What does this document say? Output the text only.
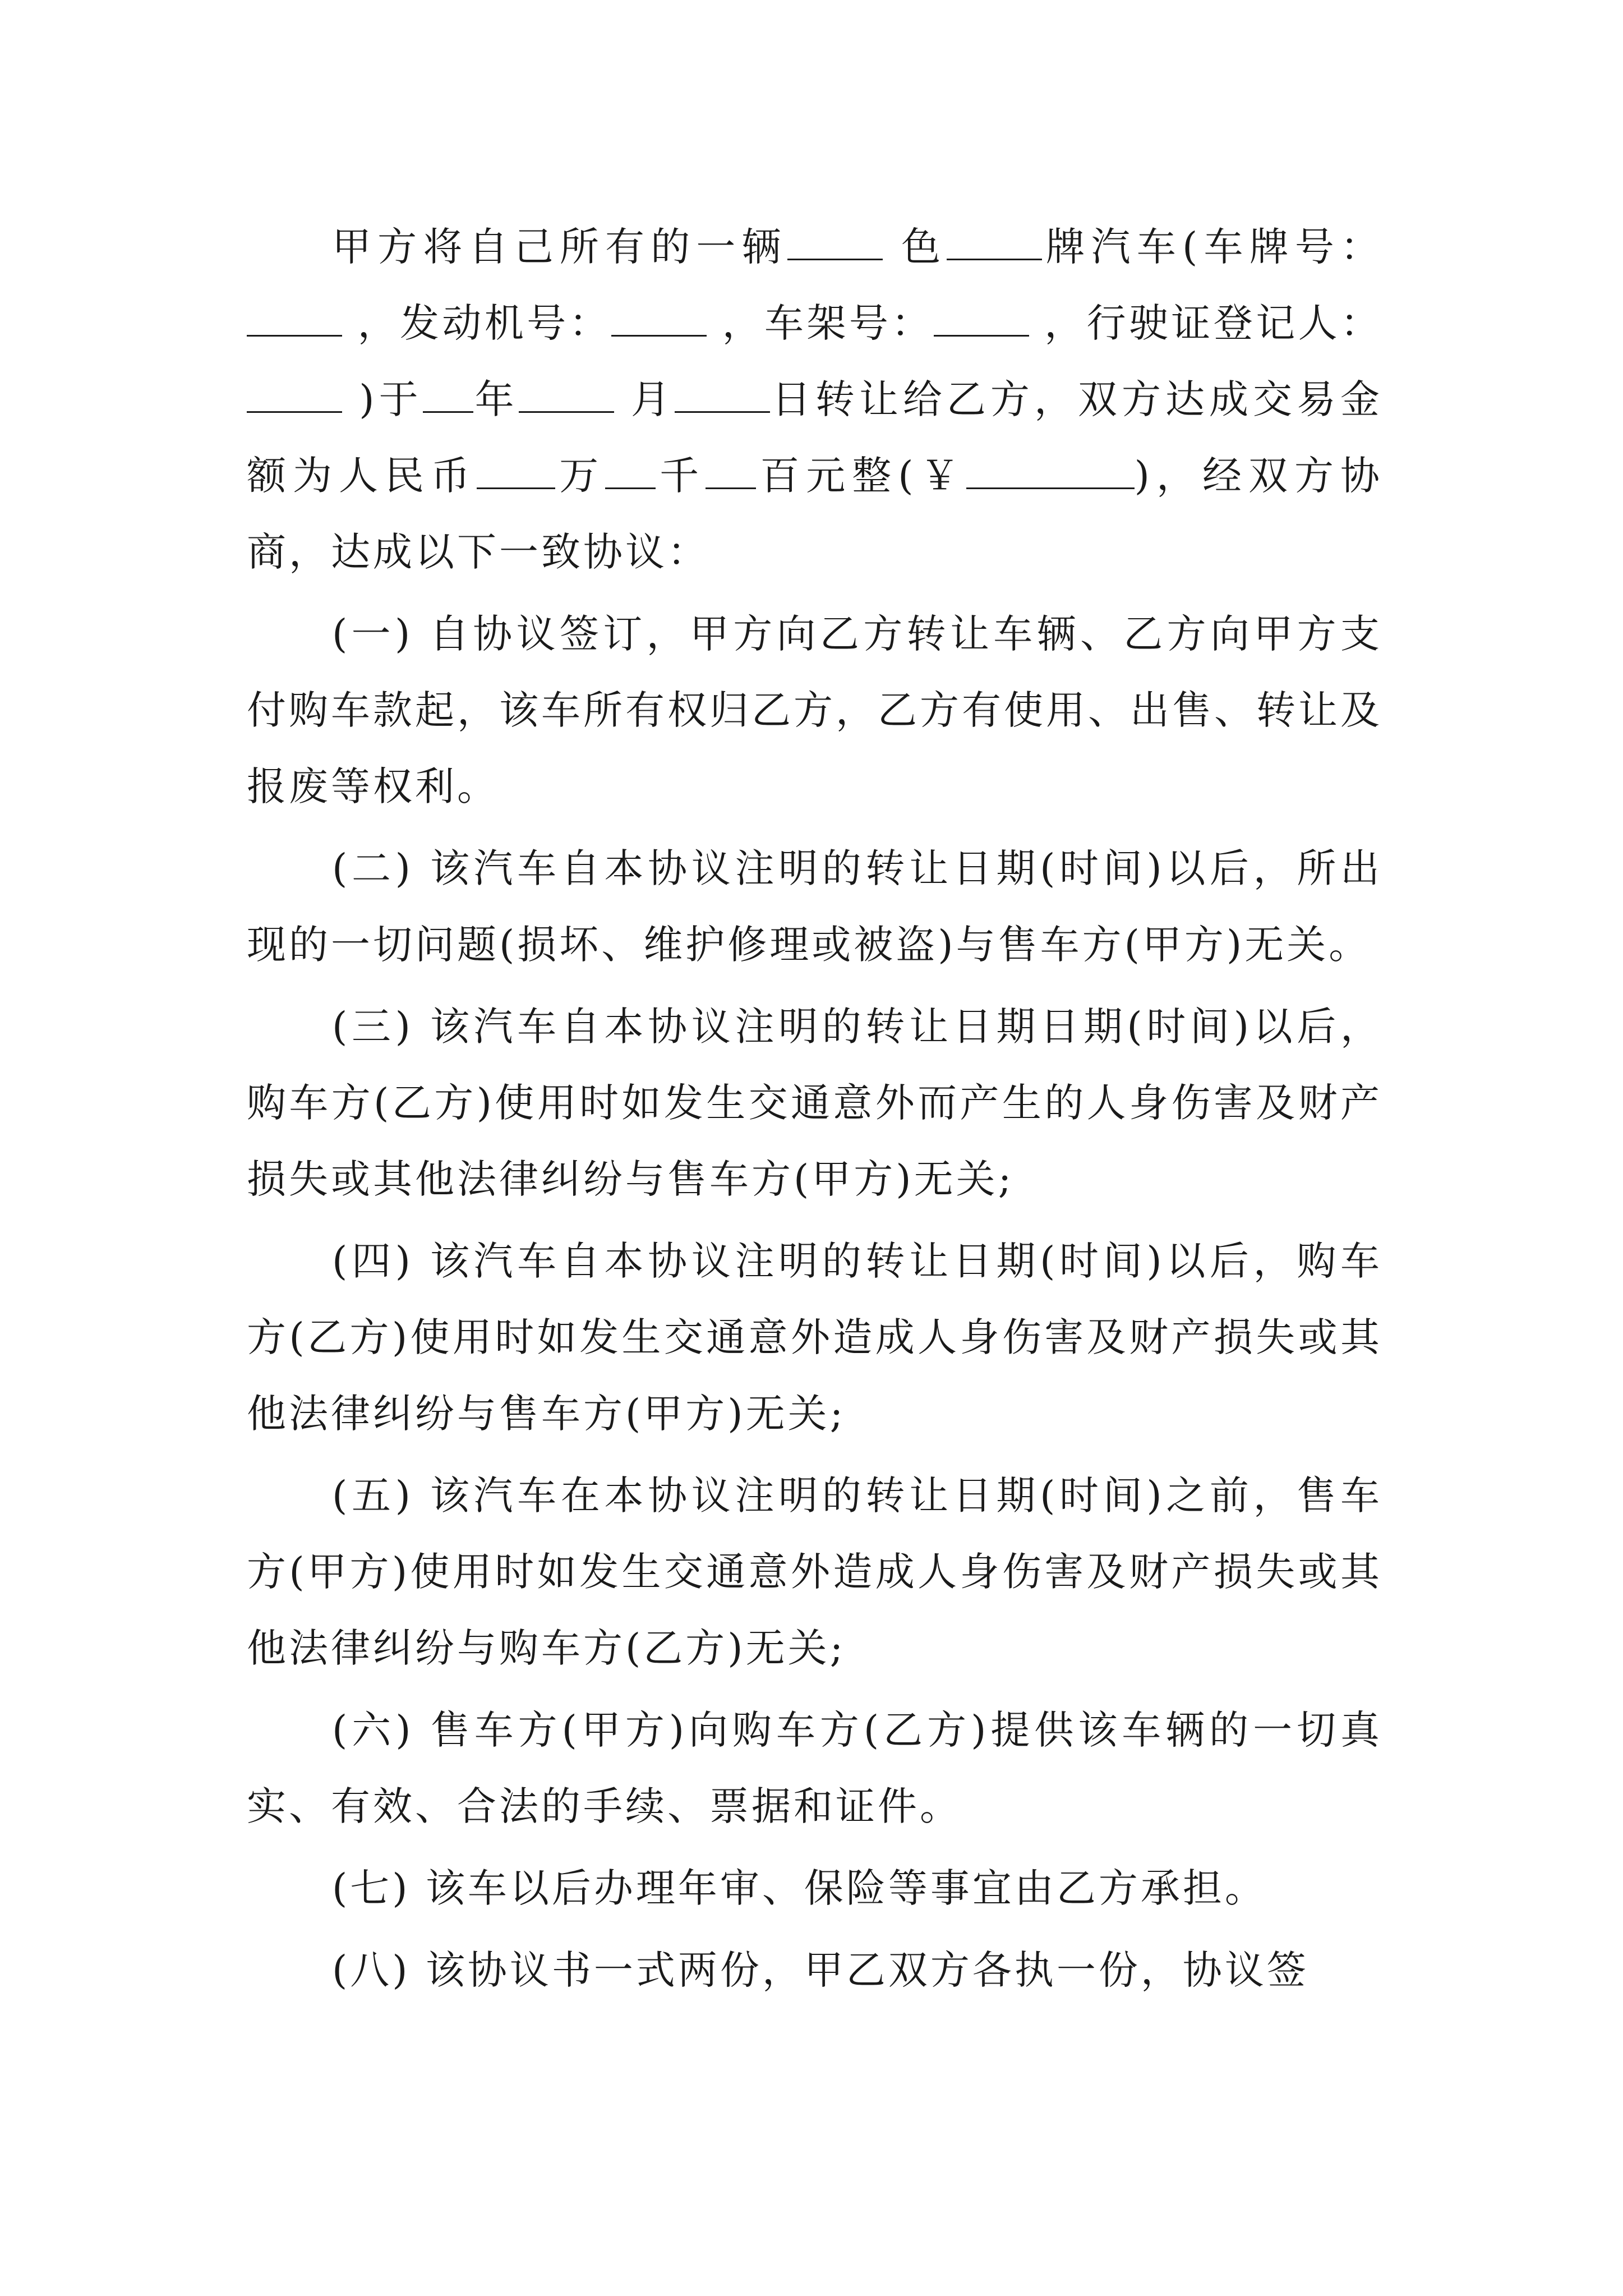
甲方将自己所有的一辆	色 牌汽车(车牌号： ，发动机号：	，车架号：	，行驶证登记人： )于 年	月 日转让给乙方，双方达成交易金额为人民币 万 千 百元整(￥	)，经双方协商，达成以下一致协议：

(一) 自协议签订，甲方向乙方转让车辆、乙方向甲方支付购车款起，该车所有权归乙方，乙方有使用、出售、转让及报废等权利。

(二) 该汽车自本协议注明的转让日期(时间)以后，所出现的一切问题(损坏、维护修理或被盗)与售车方(甲方)无关。

(三) 该汽车自本协议注明的转让日期日期(时间)以后，购车方(乙方)使用时如发生交通意外而产生的人身伤害及财产损失或其他法律纠纷与售车方(甲方)无关;

(四) 该汽车自本协议注明的转让日期(时间)以后，购车方(乙方)使用时如发生交通意外造成人身伤害及财产损失或其他法律纠纷与售车方(甲方)无关;

(五) 该汽车在本协议注明的转让日期(时间)之前，售车方(甲方)使用时如发生交通意外造成人身伤害及财产损失或其他法律纠纷与购车方(乙方)无关;

(六) 售车方(甲方)向购车方(乙方)提供该车辆的一切真实、有效、合法的手续、票据和证件。

(七) 该车以后办理年审、保险等事宜由乙方承担。

(八) 该协议书一式两份，甲乙双方各执一份，协议签
